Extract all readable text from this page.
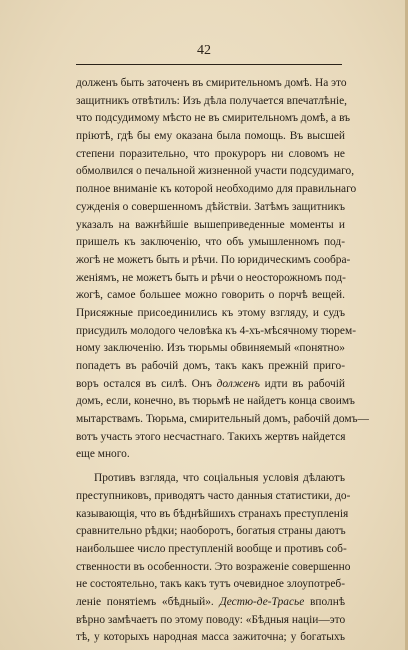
42
долженъ быть заточенъ въ смирительномъ домѣ. На это
защитникъ отвѣтилъ: Изъ дѣла получается впечатлѣніе,
что подсудимому мѣсто не въ смирительномъ домѣ, а въ
пріютѣ, гдѣ бы ему оказана была помощь. Въ высшей
степени поразительно, что прокуроръ ни словомъ не
обмолвился о печальной жизненной участи подсудимаго,
полное вниманіе къ которой необходимо для правильнаго
сужденія о совершенномъ дѣйствіи. Затѣмъ защитникъ
указалъ на важнѣйшіе вышеприведенные моменты и
пришелъ къ заключенію, что объ умышленномъ под-
жогѣ не можетъ быть и рѣчи. По юридическимъ сообра-
женіямъ, не можетъ быть и рѣчи о неосторожномъ под-
жогѣ, самое большее можно говорить о порчѣ вещей.
Присяжные присоединились къ этому взгляду, и судъ
присудилъ молодого человѣка къ 4-хъ-мѣсячному тюрем-
ному заключенію. Изъ тюрьмы обвиняемый «понятно»
попадетъ въ рабочій домъ, такъ какъ прежній приго-
воръ остался въ силѣ. Онъ долженъ идти въ рабочій
домъ, если, конечно, въ тюрьмѣ не найдетъ конца своимъ
мытарствамъ. Тюрьма, смирительный домъ, рабочій домъ—
вотъ участь этого несчастнаго. Такихъ жертвъ найдется
еще много.
Противъ взгляда, что соціальныя условія дѣлаютъ
преступниковъ, приводятъ часто данныя статистики, до-
казывающія, что въ бѣднѣйшихъ странахъ преступленія
сравнительно рѣдки; наоборотъ, богатыя страны даютъ
наибольшее число преступленій вообще и противъ соб-
ственности въ особенности. Это возраженіе совершенно
не состоятельно, такъ какъ тутъ очевидное злоупотреб-
леніе понятіемъ «бѣдный». Дестю-де-Трасье вполнѣ
вѣрно замѣчаетъ по этому поводу: «Бѣдныя націи—это
тѣ, у которыхъ народная масса зажиточна; у богатыхъ
